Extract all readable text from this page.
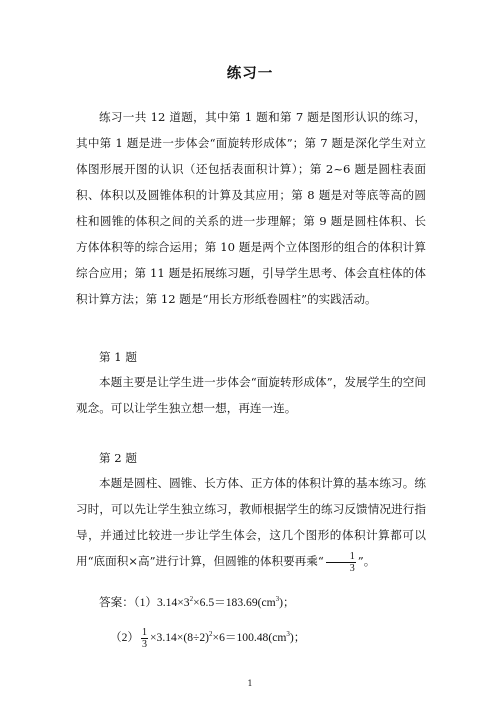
练习一

练习一共 12 道题，其中第 1 题和第 7 题是图形认识的练习，其中第 1 题是进一步体会“面旋转形成体”；第 7 题是深化学生对立体图形展开图的认识（还包括表面积计算）；第 2~6 题是圆柱表面积、体积以及圆锥体积的计算及其应用；第 8 题是对等底等高的圆柱和圆锥的体积之间的关系的进一步理解；第 9 题是圆柱体积、长方体体积等的综合运用；第 10 题是两个立体图形的组合的体积计算综合应用；第 11 题是拓展练习题，引导学生思考、体会直柱体的体积计算方法；第 12 题是“用长方形纸卷圆柱”的实践活动。

第 1 题

本题主要是让学生进一步体会“面旋转形成体”，发展学生的空间观念。可以让学生独立想一想，再连一连。

第 2 题

本题是圆柱、圆锥、长方体、正方体的体积计算的基本练习。练习时，可以先让学生独立练习，教师根据学生的练习反馈情况进行指导，并通过比较进一步让学生体会，这几个图形的体积计算都可以用“底面积×高”进行计算，但圆锥的体积要再乘“ $\frac{1}{3}$ ”。

答案：$(1)3.14\times 3^2\times 6.5=183.69(cm^3)$；
$(2) \frac{1}{3} \times 3.14\times(8\div 2)^2\times 6=100.48(cm^3)$；
1
